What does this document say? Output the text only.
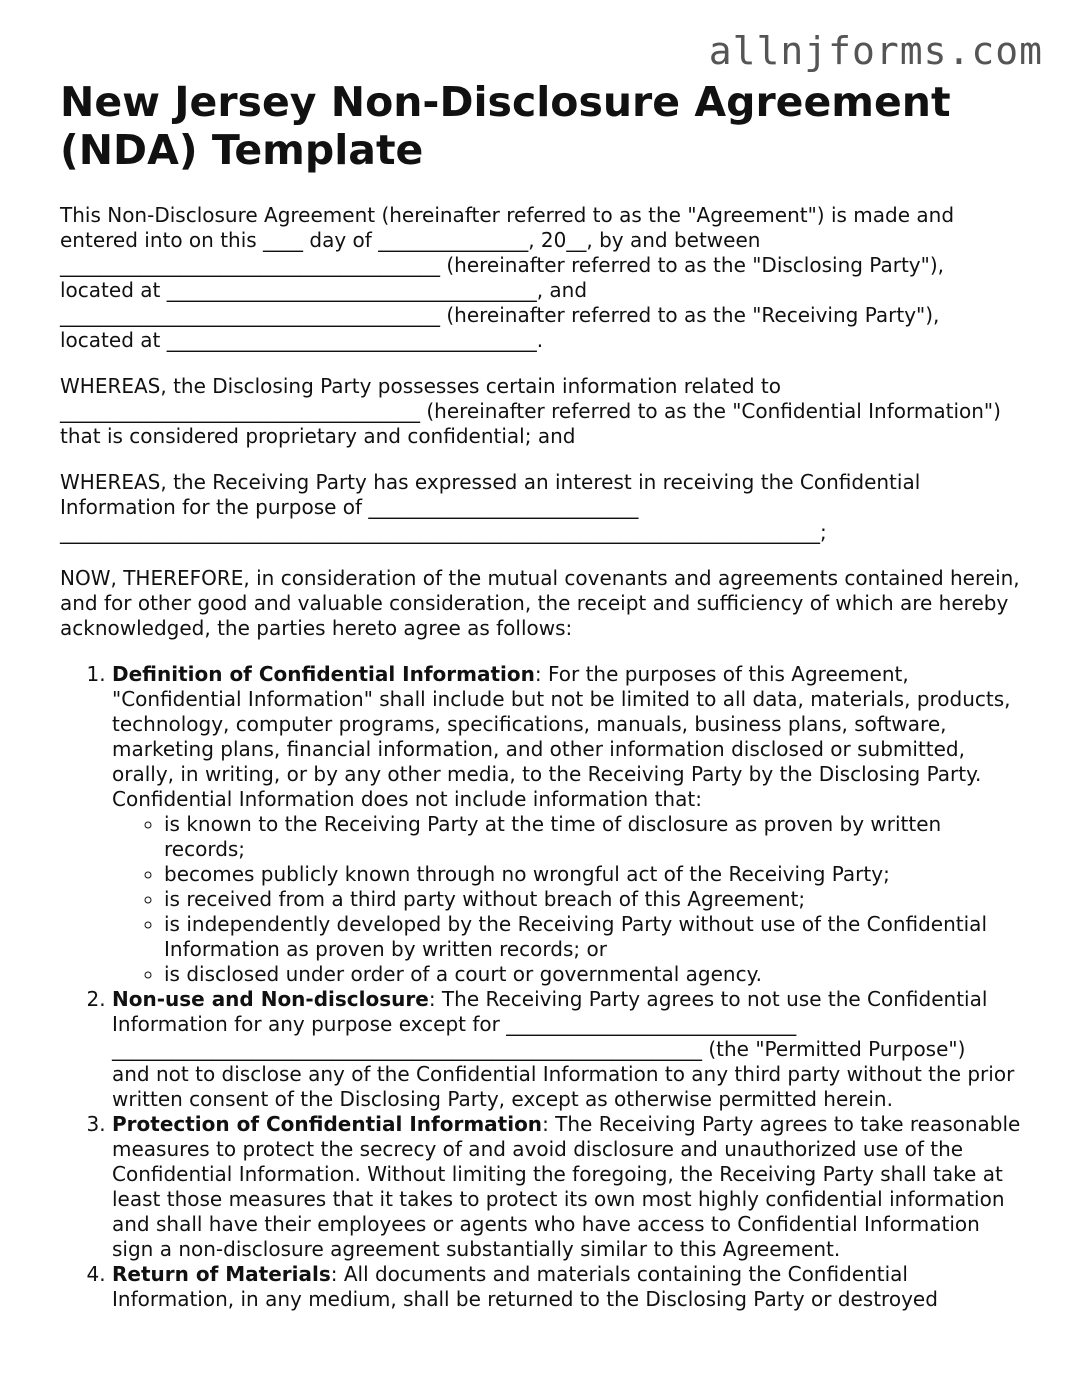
allnjforms.com
New Jersey Non-Disclosure Agreement (NDA) Template

This Non-Disclosure Agreement (hereinafter referred to as the "Agreement") is made and entered into on this ____ day of _______________, 20__, by and between ______________________________________ (hereinafter referred to as the "Disclosing Party"),
located at _____________________________________, and
______________________________________ (hereinafter referred to as the "Receiving Party"),
located at _____________________________________.

WHEREAS, the Disclosing Party possesses certain information related to ____________________________________ (hereinafter referred to as the "Confidential Information") that is considered proprietary and confidential; and

WHEREAS, the Receiving Party has expressed an interest in receiving the Confidential Information for the purpose of ___________________________
____________________________________________________________________________;

NOW, THEREFORE, in consideration of the mutual covenants and agreements contained herein, and for other good and valuable consideration, the receipt and sufficiency of which are hereby acknowledged, the parties hereto agree as follows:

1. Definition of Confidential Information: For the purposes of this Agreement, "Confidential Information" shall include but not be limited to all data, materials, products, technology, computer programs, specifications, manuals, business plans, software, marketing plans, financial information, and other information disclosed or submitted, orally, in writing, or by any other media, to the Receiving Party by the Disclosing Party. Confidential Information does not include information that:
◦ is known to the Receiving Party at the time of disclosure as proven by written records;
◦ becomes publicly known through no wrongful act of the Receiving Party;
◦ is received from a third party without breach of this Agreement;
◦ is independently developed by the Receiving Party without use of the Confidential Information as proven by written records; or
◦ is disclosed under order of a court or governmental agency.
2. Non-use and Non-disclosure: The Receiving Party agrees to not use the Confidential Information for any purpose except for _____________________________
___________________________________________________________ (the "Permitted Purpose")
and not to disclose any of the Confidential Information to any third party without the prior written consent of the Disclosing Party, except as otherwise permitted herein.
3. Protection of Confidential Information: The Receiving Party agrees to take reasonable measures to protect the secrecy of and avoid disclosure and unauthorized use of the Confidential Information. Without limiting the foregoing, the Receiving Party shall take at least those measures that it takes to protect its own most highly confidential information and shall have their employees or agents who have access to Confidential Information sign a non-disclosure agreement substantially similar to this Agreement.
4. Return of Materials: All documents and materials containing the Confidential Information, in any medium, shall be returned to the Disclosing Party or destroyed
